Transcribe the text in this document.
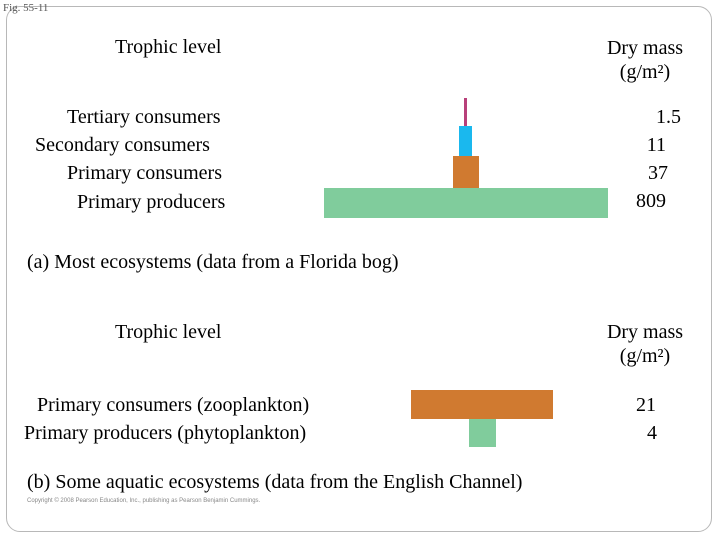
Fig. 55-11
Trophic level	Dry mass
(g/m²)
Tertiary consumers
Secondary consumers
Primary consumers
Primary producers
1.5
11
37
809
(a) Most ecosystems (data from a Florida bog)
Trophic level	Dry mass
(g/m²)
Primary consumers (zooplankton)
Primary producers (phytoplankton)
21
4
(b) Some aquatic ecosystems (data from the English Channel)
Copyright © 2008 Pearson Education, Inc., publishing as Pearson Benjamin Cummings.
